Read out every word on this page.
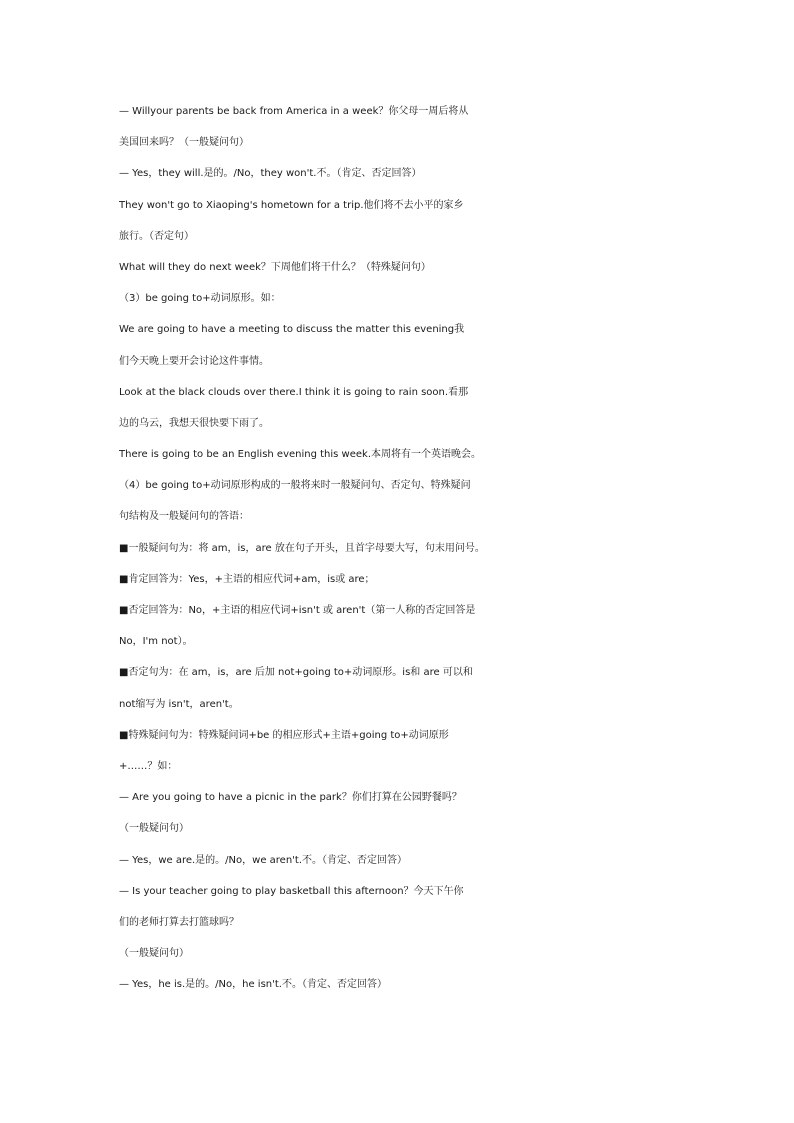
— Willyour parents be back from America in a week？你父母一周后将从
美国回来吗？（一般疑问句）
— Yes，they will.是的。/No，they won't.不。（肯定、否定回答）
They won't go to Xiaoping's hometown for a trip.他们将不去小平的家乡
旅行。（否定句）
What will they do next week？下周他们将干什么？（特殊疑问句）
（3）be going to+动词原形。如：
We are going to have a meeting to discuss the matter this evening我
们今天晚上要开会讨论这件事情。
Look at the black clouds over there.I think it is going to rain soon.看那
边的乌云，我想天很快要下雨了。
There is going to be an English evening this week.本周将有一个英语晚会。
（4）be going to+动词原形构成的一般将来时一般疑问句、否定句、特殊疑问
句结构及一般疑问句的答语：
■一般疑问句为：将 am，is，are 放在句子开头，且首字母要大写，句末用问号。
■肯定回答为：Yes，+主语的相应代词+am，is或 are；
■否定回答为：No，+主语的相应代词+isn't 或 aren't（第一人称的否定回答是
No，I'm not）。
■否定句为：在 am，is，are 后加 not+going to+动词原形。is和 are 可以和
not缩写为 isn't，aren't。
■特殊疑问句为：特殊疑问词+be 的相应形式+主语+going to+动词原形
+……？如：
— Are you going to have a picnic in the park？你们打算在公园野餐吗？
（一般疑问句）
— Yes，we are.是的。/No，we aren't.不。（肯定、否定回答）
— Is your teacher going to play basketball this afternoon？今天下午你
们的老师打算去打篮球吗？
（一般疑问句）
— Yes，he is.是的。/No，he isn't.不。（肯定、否定回答）
